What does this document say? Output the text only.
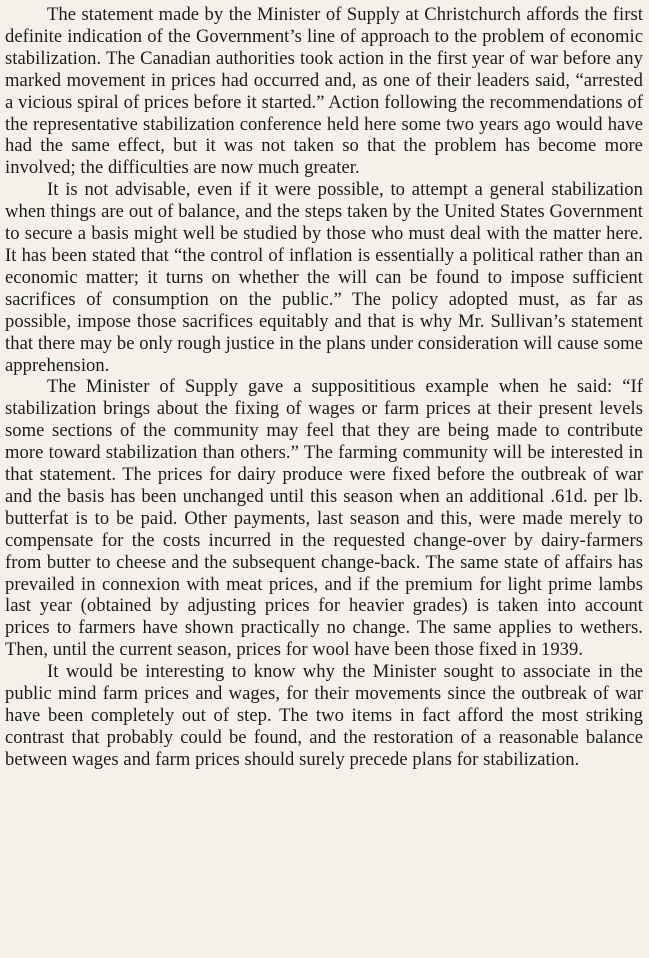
The statement made by the Minister of Supply at Christchurch affords the first definite indication of the Government’s line of approach to the problem of economic stabilization. The Canadian authorities took action in the first year of war before any marked movement in prices had occurred and, as one of their leaders said, “arrested a vicious spiral of prices before it started.” Action following the recommendations of the representative stabilization conference held here some two years ago would have had the same effect, but it was not taken so that the problem has become more involved; the difficulties are now much greater.

It is not advisable, even if it were possible, to attempt a general stabilization when things are out of balance, and the steps taken by the United States Government to secure a basis might well be studied by those who must deal with the matter here. It has been stated that “the control of inflation is essentially a political rather than an economic matter; it turns on whether the will can be found to impose sufficient sacrifices of consumption on the public.” The policy adopted must, as far as possible, impose those sacrifices equitably and that is why Mr. Sullivan’s statement that there may be only rough justice in the plans under consideration will cause some apprehension.

The Minister of Supply gave a supposititious example when he said: “If stabilization brings about the fixing of wages or farm prices at their present levels some sections of the community may feel that they are being made to contribute more toward stabilization than others.” The farming community will be interested in that statement. The prices for dairy produce were fixed before the outbreak of war and the basis has been unchanged until this season when an additional .61d. per lb. butterfat is to be paid. Other payments, last season and this, were made merely to compensate for the costs incurred in the requested change-over by dairy-farmers from butter to cheese and the subsequent change-back. The same state of affairs has prevailed in connexion with meat prices, and if the premium for light prime lambs last year (obtained by adjusting prices for heavier grades) is taken into account prices to farmers have shown practically no change. The same applies to wethers. Then, until the current season, prices for wool have been those fixed in 1939.

It would be interesting to know why the Minister sought to associate in the public mind farm prices and wages, for their movements since the outbreak of war have been completely out of step. The two items in fact afford the most striking contrast that probably could be found, and the restoration of a reasonable balance between wages and farm prices should surely precede plans for stabilization.
